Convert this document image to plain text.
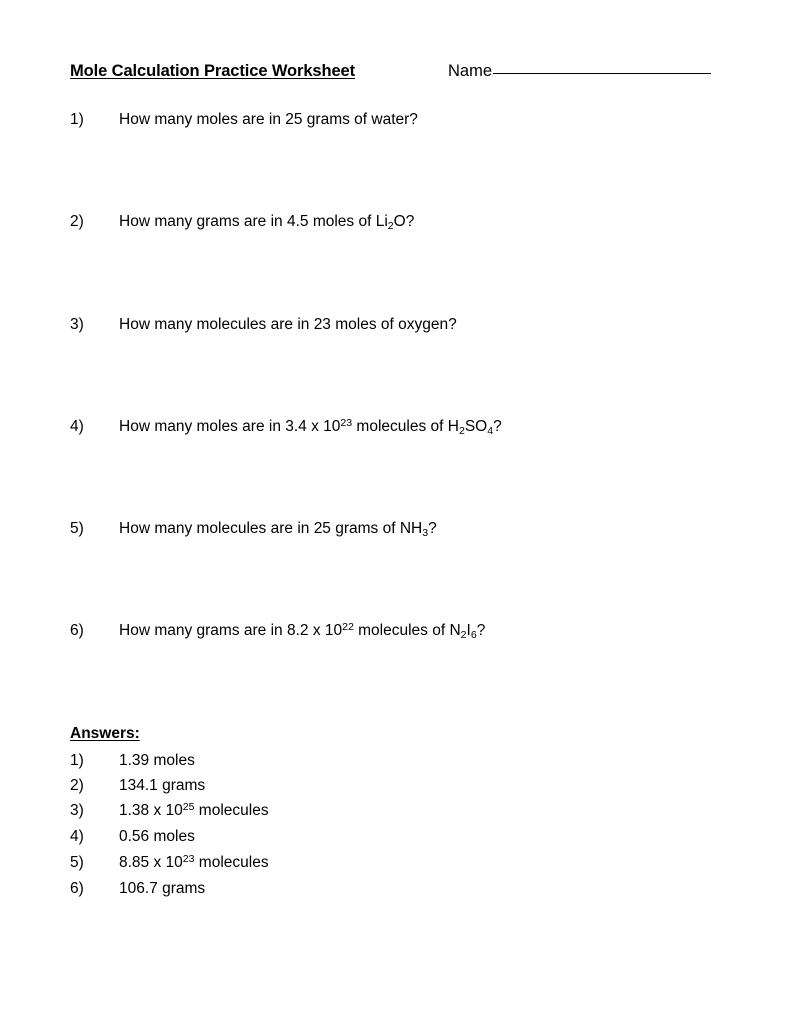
Mole Calculation Practice Worksheet	Name
1) How many moles are in 25 grams of water?
2) How many grams are in 4.5 moles of $Li_2O$?
3) How many molecules are in 23 moles of oxygen?
4) How many moles are in 3.4 x $10^{23}$ molecules of $H_2SO_4$?
5) How many molecules are in 25 grams of $NH_3$?
6) How many grams are in 8.2 x $10^{22}$ molecules of $N_2I_6$?
Answers:
1) 1.39 moles
2) 134.1 grams
3) 1.38 x $10^{25}$ molecules
4) 0.56 moles
5) 8.85 x $10^{23}$ molecules
6) 106.7 grams
